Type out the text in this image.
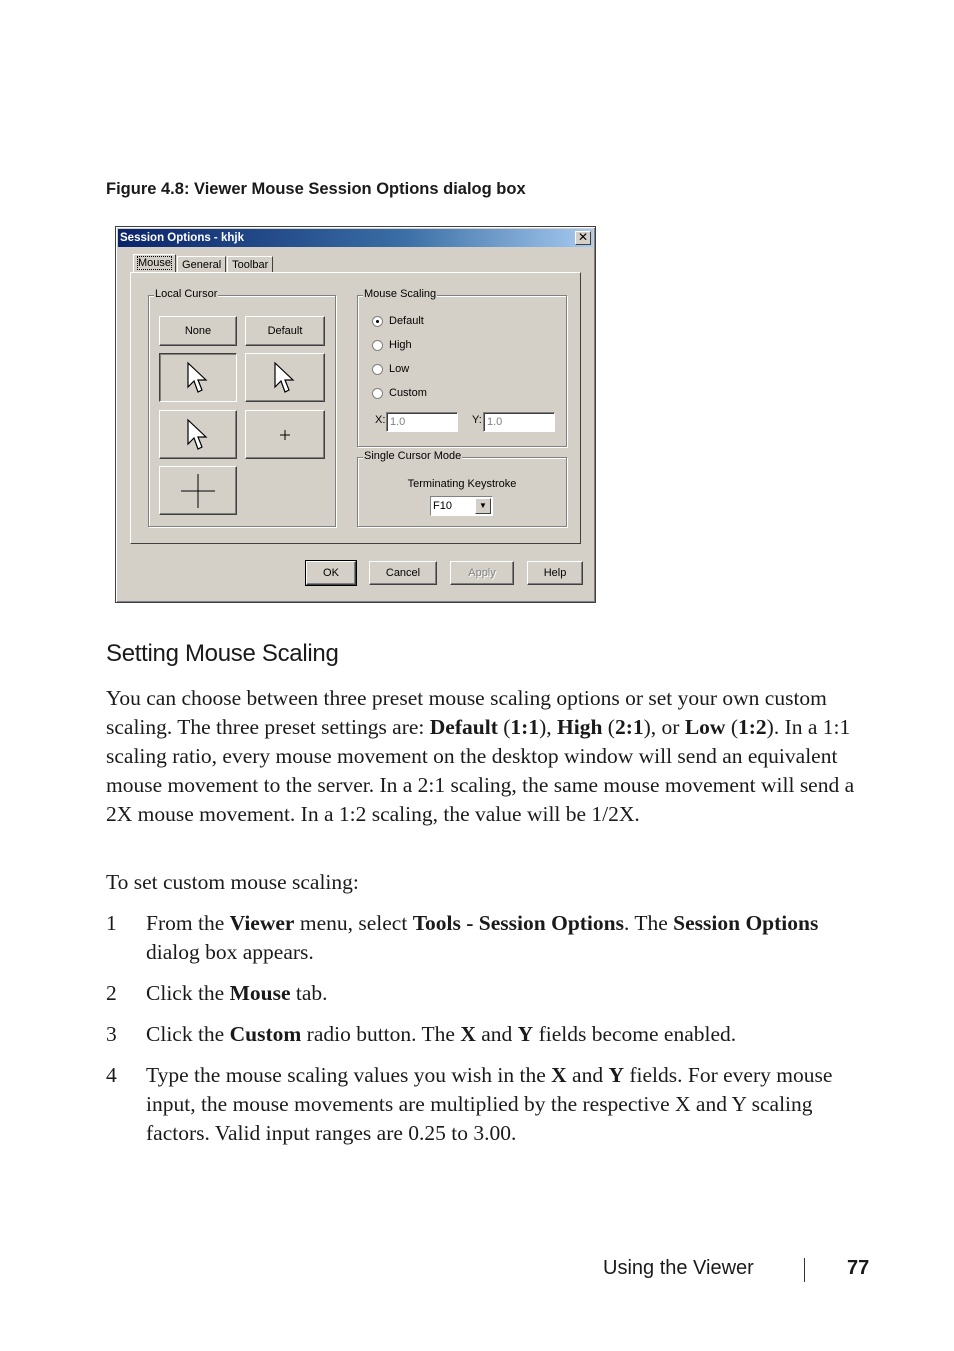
Figure 4.8: Viewer Mouse Session Options dialog box
Session Options - khjk	✕
Mouse	General	Toolbar
Local Cursor
None	Default
Mouse Scaling
Default
High
Low
Custom
X: 1.0	Y: 1.0
Single Cursor Mode
Terminating Keystroke
F10	▼
OK	Cancel	Apply	Help
Setting Mouse Scaling

You can choose between three preset mouse scaling options or set your own custom scaling. The three preset settings are: Default (1:1), High (2:1), or Low (1:2). In a 1:1 scaling ratio, every mouse movement on the desktop window will send an equivalent mouse movement to the server. In a 2:1 scaling, the same mouse movement will send a 2X mouse movement. In a 1:2 scaling, the value will be 1/2X.

To set custom mouse scaling:

1 From the Viewer menu, select Tools - Session Options. The Session Options dialog box appears.
2 Click the Mouse tab.
3 Click the Custom radio button. The X and Y fields become enabled.
4 Type the mouse scaling values you wish in the X and Y fields. For every mouse input, the mouse movements are multiplied by the respective X and Y scaling factors. Valid input ranges are 0.25 to 3.00.
Using the Viewer	77
